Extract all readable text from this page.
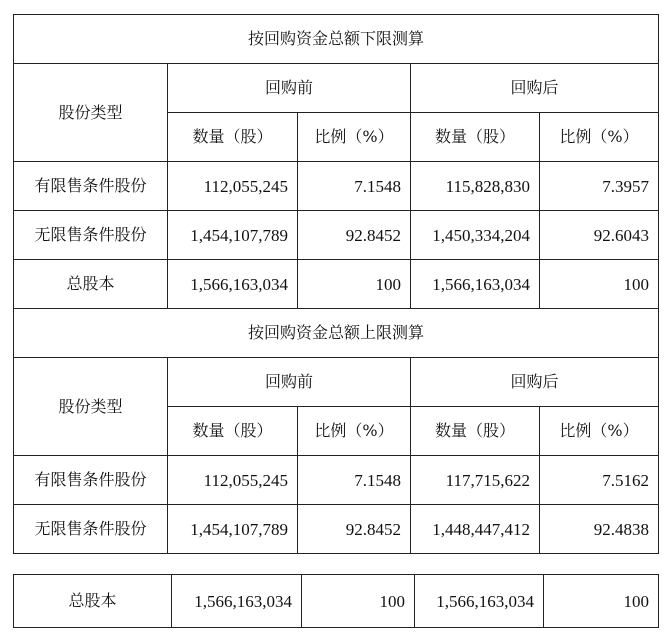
按回购资金总额下限测算				
股份类型	回购前		回购后	
	数量（股）	比例（%）	数量（股）	比例（%）
有限售条件股份	112,055,245	7.1548	115,828,830	7.3957
无限售条件股份	1,454,107,789	92.8452	1,450,334,204	92.6043
总股本	1,566,163,034	100	1,566,163,034	100
按回购资金总额上限测算				
股份类型	回购前		回购后	
	数量（股）	比例（%）	数量（股）	比例（%）
有限售条件股份	112,055,245	7.1548	117,715,622	7.5162
无限售条件股份	1,454,107,789	92.8452	1,448,447,412	92.4838
总股本	1,566,163,034	100	1,566,163,034	100
